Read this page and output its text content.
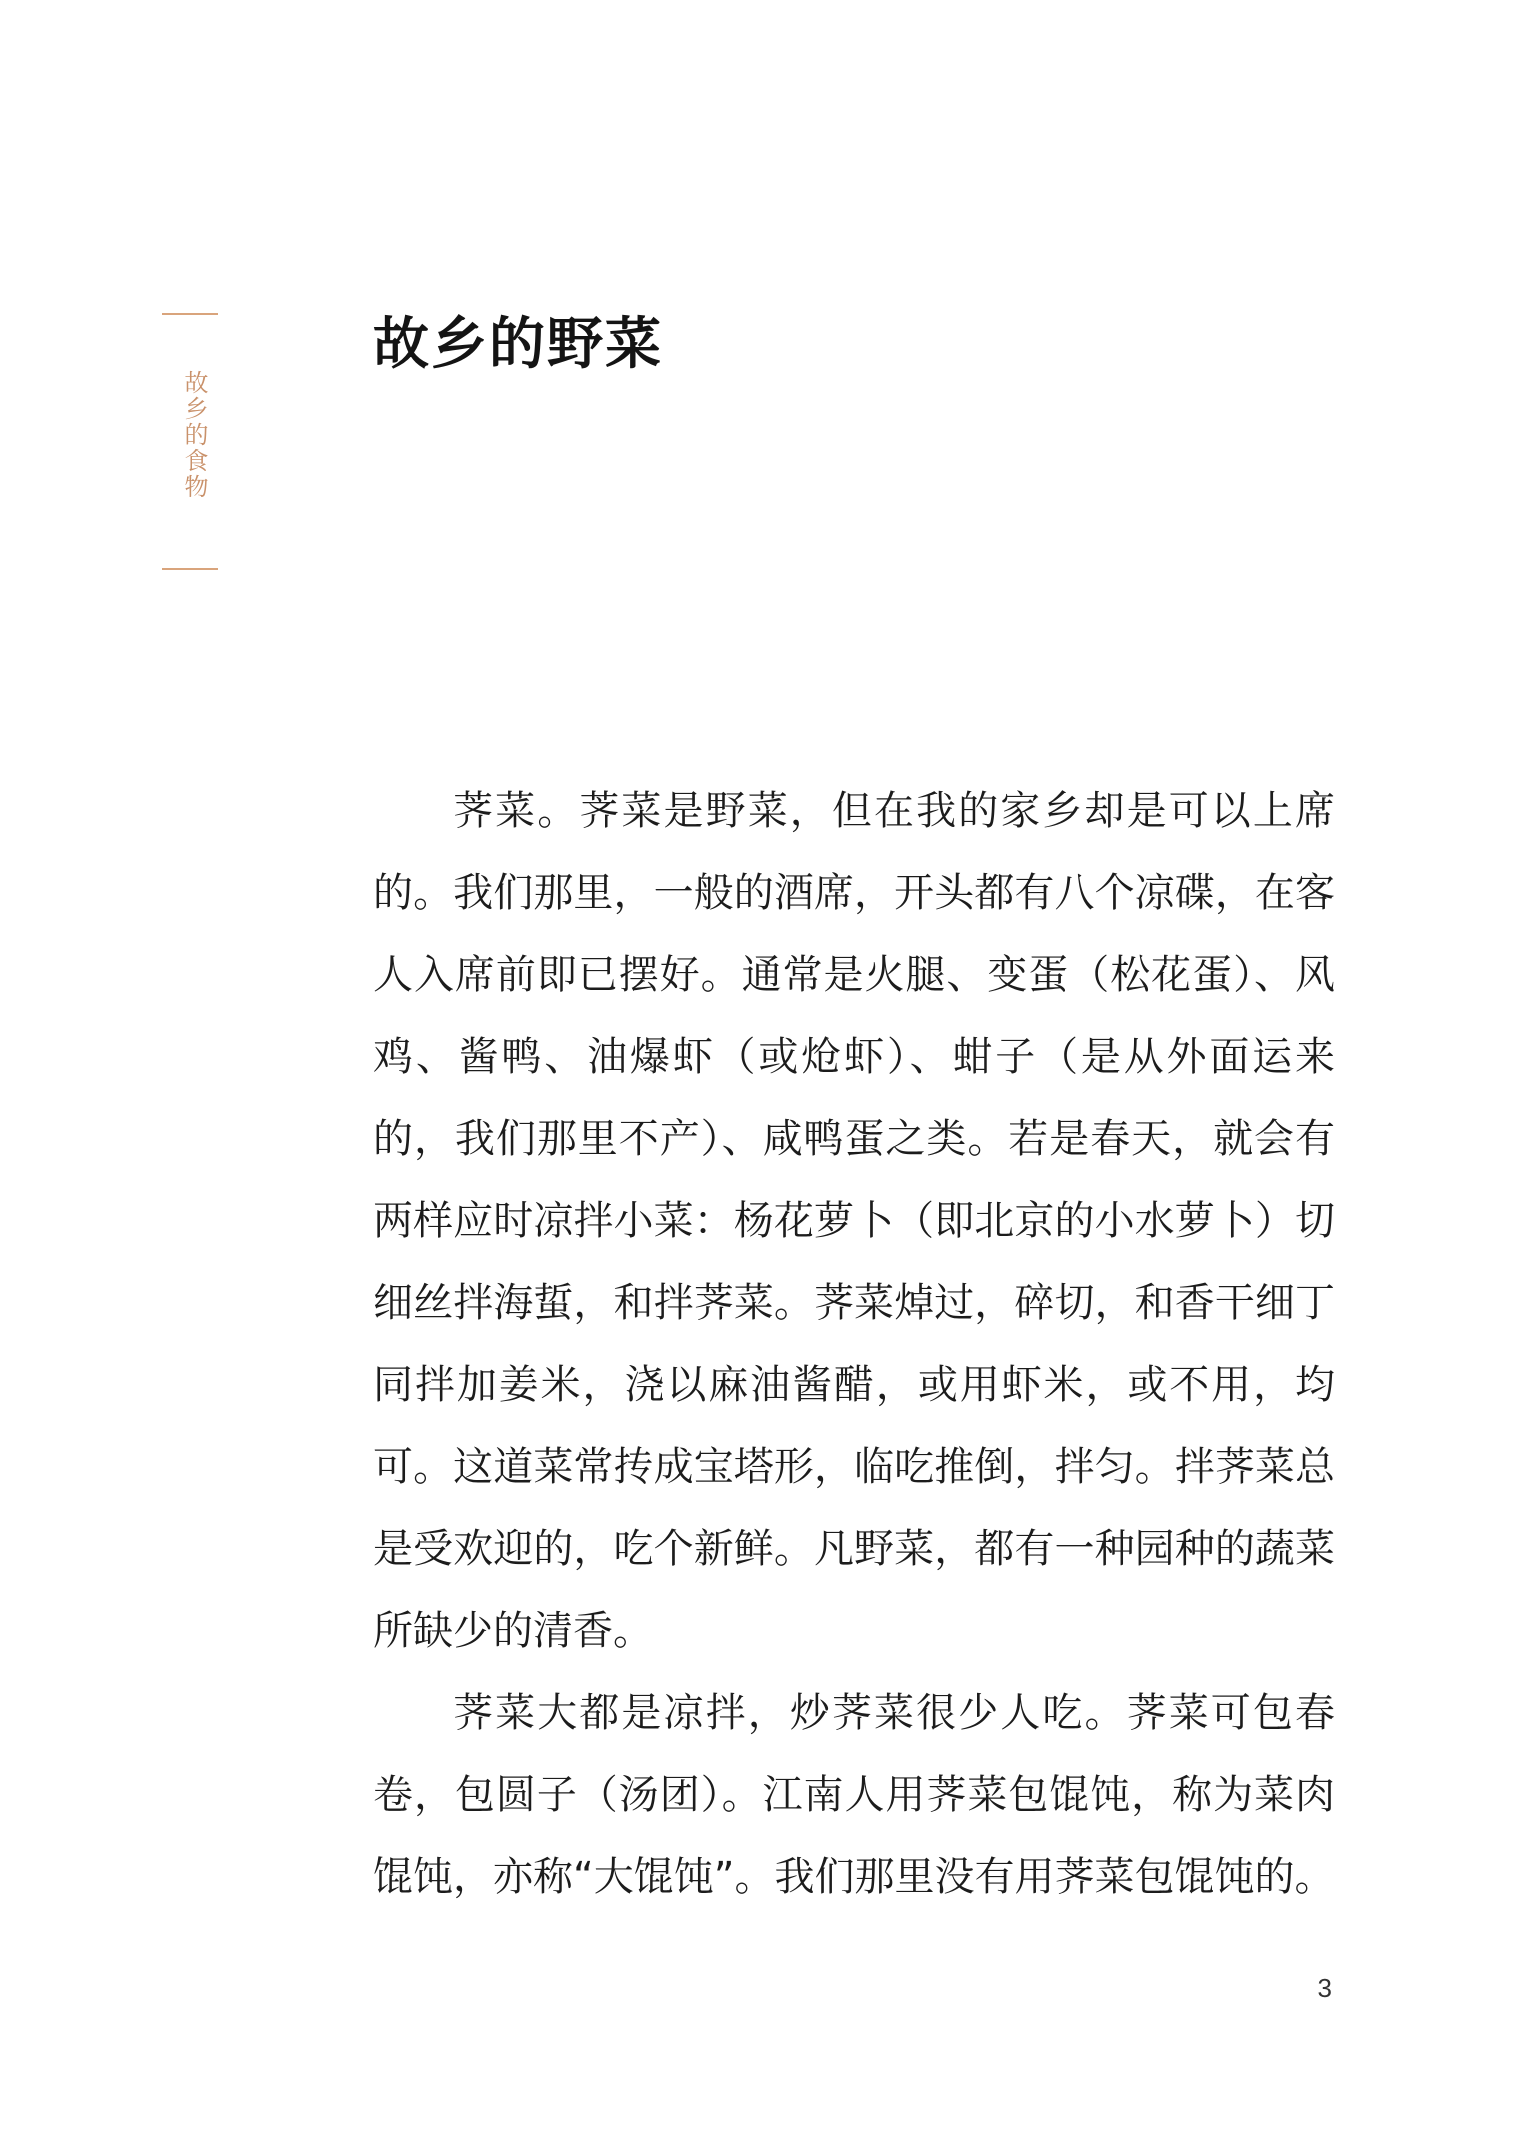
故乡的食物
故乡的野菜

荠菜。荠菜是野菜，但在我的家乡却是可以上席的。我们那里，一般的酒席，开头都有八个凉碟，在客人入席前即已摆好。通常是火腿、变蛋（松花蛋）、风鸡、酱鸭、油爆虾（或炝虾）、蚶子（是从外面运来的，我们那里不产）、咸鸭蛋之类。若是春天，就会有两样应时凉拌小菜：杨花萝卜（即北京的小水萝卜）切细丝拌海蜇，和拌荠菜。荠菜焯过，碎切，和香干细丁同拌加姜米，浇以麻油酱醋，或用虾米，或不用，均可。这道菜常抟成宝塔形，临吃推倒，拌匀。拌荠菜总是受欢迎的，吃个新鲜。凡野菜，都有一种园种的蔬菜所缺少的清香。

荠菜大都是凉拌，炒荠菜很少人吃。荠菜可包春卷，包圆子（汤团）。江南人用荠菜包馄饨，称为菜肉馄饨，亦称“大馄饨”。我们那里没有用荠菜包馄饨的。

3
